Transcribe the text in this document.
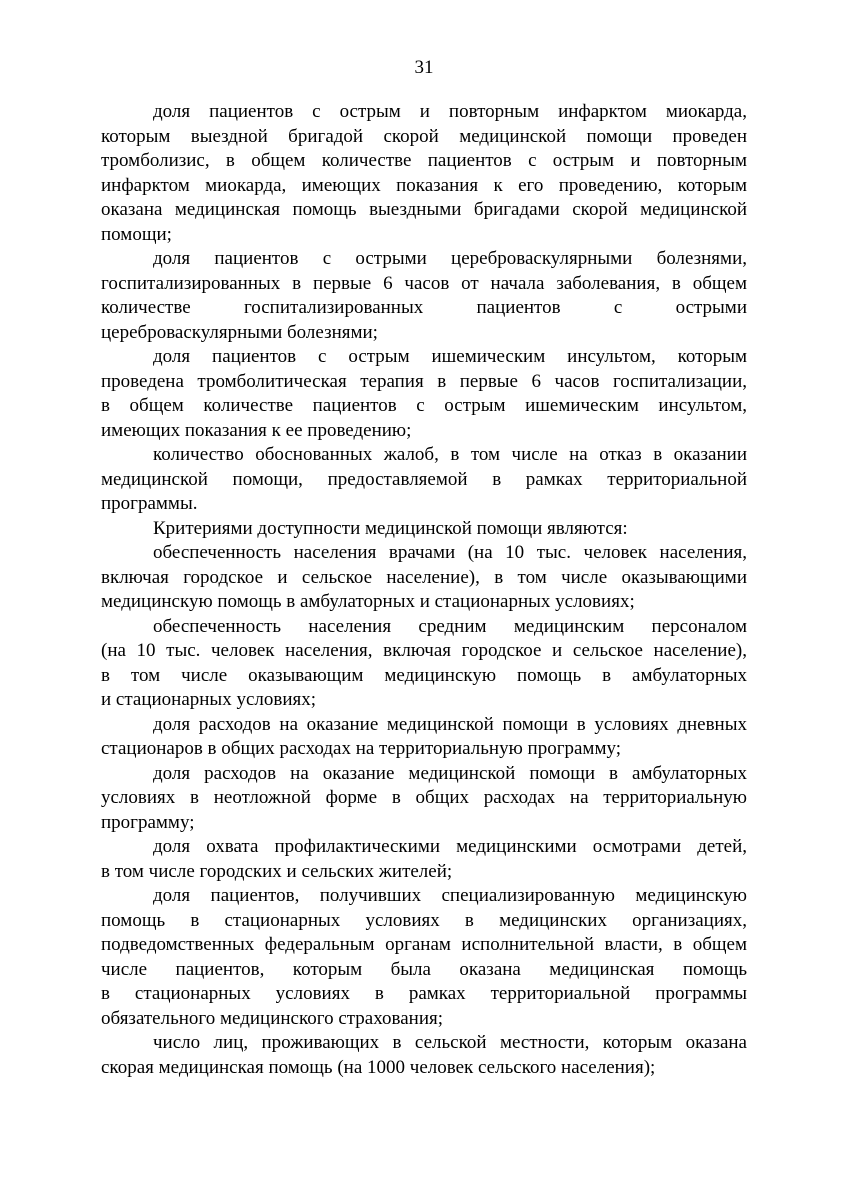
31
доля пациентов с острым и повторным инфарктом миокарда,
которым выездной бригадой скорой медицинской помощи проведен
тромболизис, в общем количестве пациентов с острым и повторным
инфарктом миокарда, имеющих показания к его проведению, которым
оказана медицинская помощь выездными бригадами скорой медицинской
помощи;
доля пациентов с острыми цереброваскулярными болезнями,
госпитализированных в первые 6 часов от начала заболевания, в общем
количестве госпитализированных пациентов с острыми
цереброваскулярными болезнями;
доля пациентов с острым ишемическим инсультом, которым
проведена тромболитическая терапия в первые 6 часов госпитализации,
в общем количестве пациентов с острым ишемическим инсультом,
имеющих показания к ее проведению;
количество обоснованных жалоб, в том числе на отказ в оказании
медицинской помощи, предоставляемой в рамках территориальной
программы.
Критериями доступности медицинской помощи являются:
обеспеченность населения врачами (на 10 тыс. человек населения,
включая городское и сельское население), в том числе оказывающими
медицинскую помощь в амбулаторных и стационарных условиях;
обеспеченность населения средним медицинским персоналом
(на 10 тыс. человек населения, включая городское и сельское население),
в том числе оказывающим медицинскую помощь в амбулаторных
и стационарных условиях;
доля расходов на оказание медицинской помощи в условиях дневных
стационаров в общих расходах на территориальную программу;
доля расходов на оказание медицинской помощи в амбулаторных
условиях в неотложной форме в общих расходах на территориальную
программу;
доля охвата профилактическими медицинскими осмотрами детей,
в том числе городских и сельских жителей;
доля пациентов, получивших специализированную медицинскую
помощь в стационарных условиях в медицинских организациях,
подведомственных федеральным органам исполнительной власти, в общем
числе пациентов, которым была оказана медицинская помощь
в стационарных условиях в рамках территориальной программы
обязательного медицинского страхования;
число лиц, проживающих в сельской местности, которым оказана
скорая медицинская помощь (на 1000 человек сельского населения);
